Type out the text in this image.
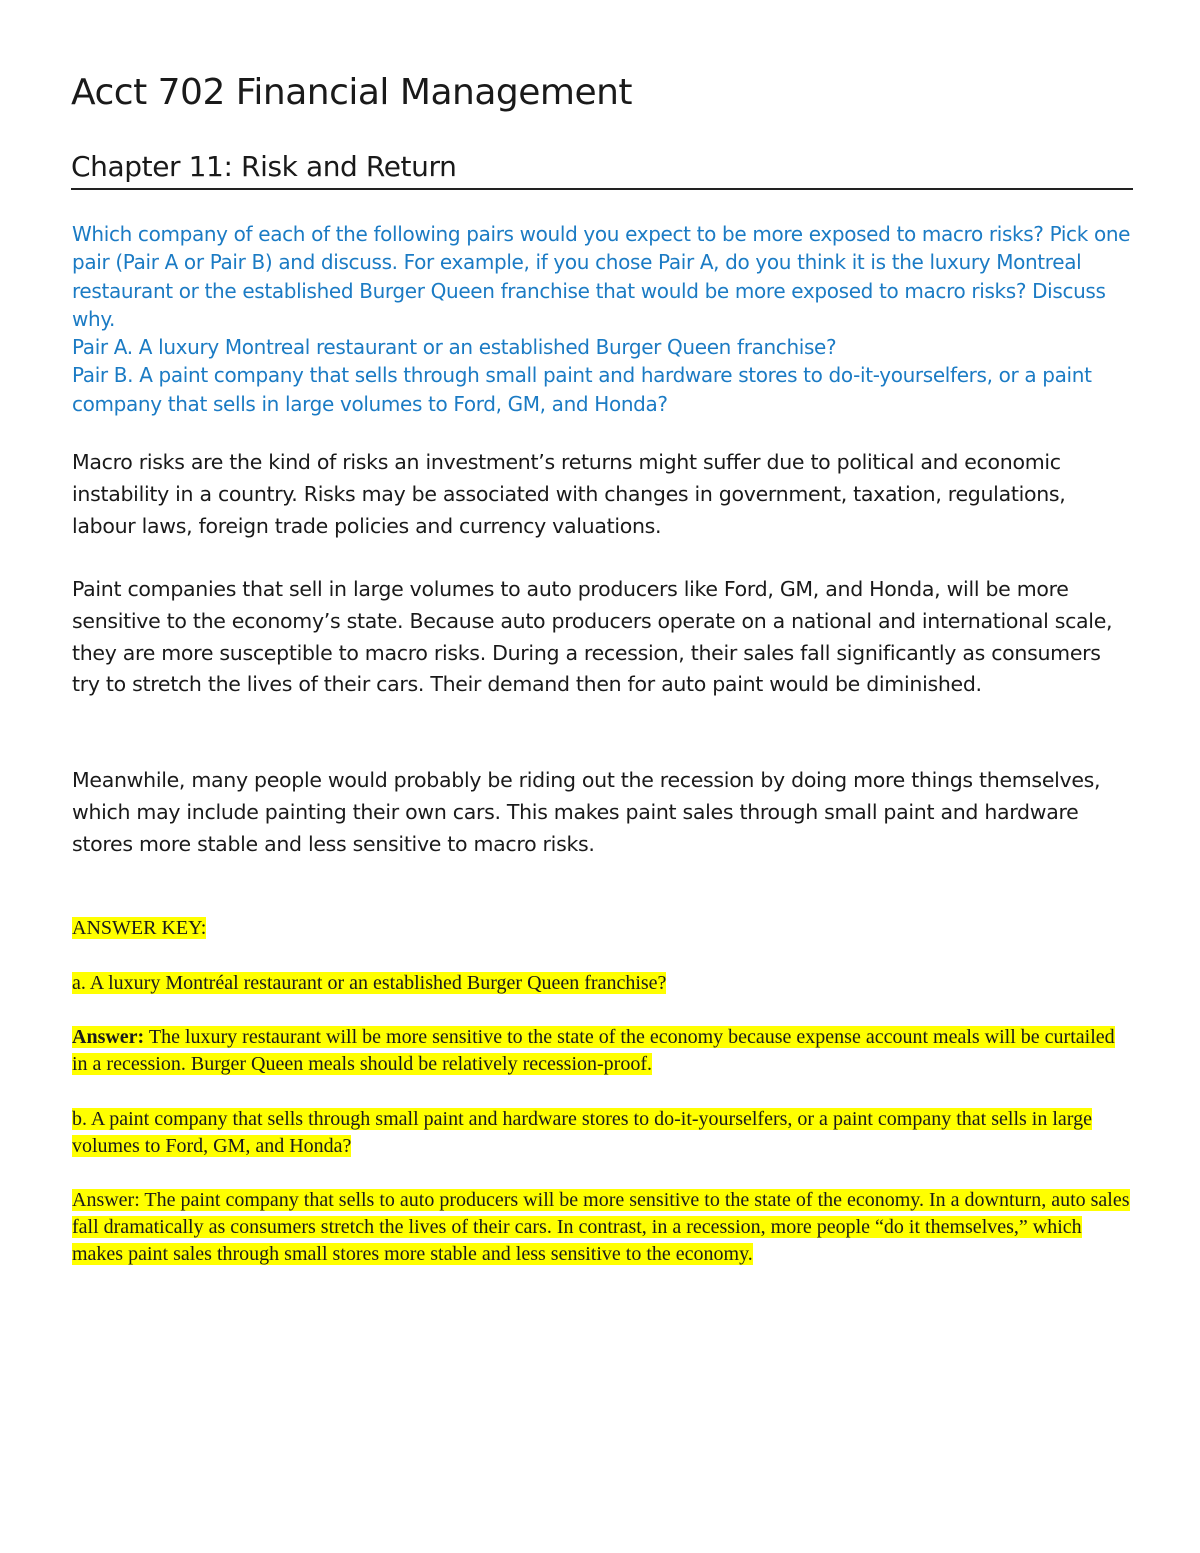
Acct 702 Financial Management
Chapter 11: Risk and Return

Which company of each of the following pairs would you expect to be more exposed to macro risks? Pick one pair (Pair A or Pair B) and discuss. For example, if you chose Pair A, do you think it is the luxury Montreal restaurant or the established Burger Queen franchise that would be more exposed to macro risks? Discuss why.

Pair A. A luxury Montreal restaurant or an established Burger Queen franchise?

Pair B. A paint company that sells through small paint and hardware stores to do-it-yourselfers, or a paint company that sells in large volumes to Ford, GM, and Honda?

Macro risks are the kind of risks an investment’s returns might suffer due to political and economic instability in a country. Risks may be associated with changes in government, taxation, regulations, labour laws, foreign trade policies and currency valuations.

Paint companies that sell in large volumes to auto producers like Ford, GM, and Honda, will be more sensitive to the economy’s state. Because auto producers operate on a national and international scale, they are more susceptible to macro risks. During a recession, their sales fall significantly as consumers try to stretch the lives of their cars. Their demand then for auto paint would be diminished.

Meanwhile, many people would probably be riding out the recession by doing more things themselves, which may include painting their own cars. This makes paint sales through small paint and hardware stores more stable and less sensitive to macro risks.

ANSWER KEY:

a. A luxury Montréal restaurant or an established Burger Queen franchise?

Answer: The luxury restaurant will be more sensitive to the state of the economy because expense account meals will be curtailed in a recession. Burger Queen meals should be relatively recession-proof.

b. A paint company that sells through small paint and hardware stores to do-it-yourselfers, or a paint company that sells in large volumes to Ford, GM, and Honda?

Answer: The paint company that sells to auto producers will be more sensitive to the state of the economy. In a downturn, auto sales fall dramatically as consumers stretch the lives of their cars. In contrast, in a recession, more people “do it themselves,” which makes paint sales through small stores more stable and less sensitive to the economy.
